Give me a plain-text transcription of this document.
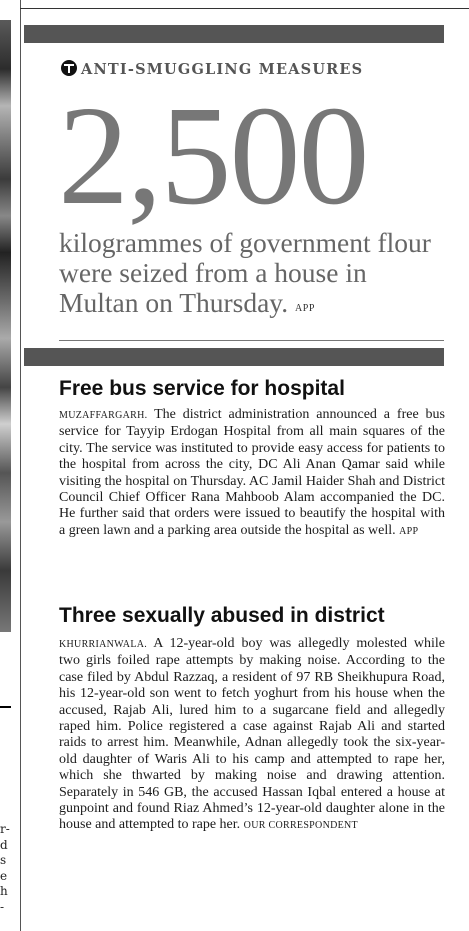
r-
d
s
e
h
-
ANTI-SMUGGLING MEASURES
2,500
kilogrammes of government flour were seized from a house in Multan on Thursday. APP
Free bus service for hospital
MUZAFFARGARH. The district administration announced a free bus service for Tayyip Erdogan Hospital from all main squares of the city. The service was instituted to provide easy access for patients to the hospital from across the city, DC Ali Anan Qamar said while visiting the hospital on Thursday. AC Jamil Haider Shah and District Council Chief Officer Rana Mahboob Alam accompanied the DC. He further said that orders were issued to beautify the hospital with a green lawn and a parking area outside the hospital as well. APP
Three sexually abused in district
KHURRIANWALA. A 12-year-old boy was allegedly molested while two girls foiled rape attempts by making noise. According to the case filed by Abdul Razzaq, a resident of 97 RB Sheikhupura Road, his 12-year-old son went to fetch yoghurt from his house when the accused, Rajab Ali, lured him to a sugarcane field and allegedly raped him. Police registered a case against Rajab Ali and started raids to arrest him. Meanwhile, Adnan allegedly took the six-year-old daughter of Waris Ali to his camp and attempted to rape her, which she thwarted by making noise and drawing attention. Separately in 546 GB, the accused Hassan Iqbal entered a house at gunpoint and found Riaz Ahmed’s 12-year-old daughter alone in the house and attempted to rape her. OUR CORRESPONDENT
